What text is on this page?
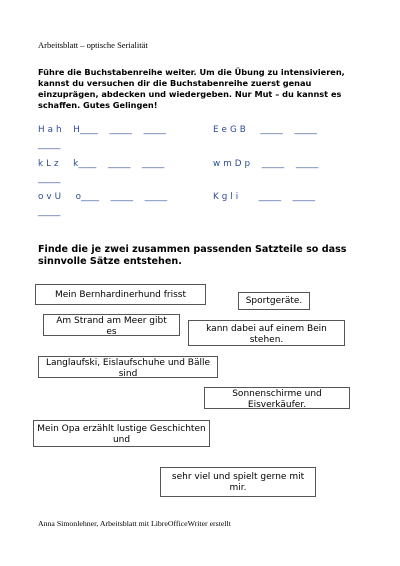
Arbeitsblatt – optische Serialität
Führe die Buchstabenreihe weiter. Um die Übung zu intensivieren, kannst du versuchen dir die Buchstabenreihe zuerst genau einzuprägen, abdecken und wiedergeben. Nur Mut – du kannst es schaffen. Gutes Gelingen!
H a h    H____    _____    _____
_____
E e G B     _____    _____
k L z     k____    _____    _____
_____
w m D p    _____    _____
o v U     o____    _____    _____
_____
K g l i       _____    _____
Finde die je zwei zusammen passenden Satzteile so dass sinnvolle Sätze entstehen.
Mein Bernhardinerhund frisst
Sportgeräte.
Am Strand am Meer gibt es	kann dabei auf einem Bein stehen.
Langlaufski, Eislaufschuhe und Bälle sind
Sonnenschirme und Eisverkäufer.
Mein Opa erzählt lustige Geschichten und
sehr viel und spielt gerne mit mir.
Anna Simonlehner, Arbeitsblatt mit LibreOfficeWriter erstellt
